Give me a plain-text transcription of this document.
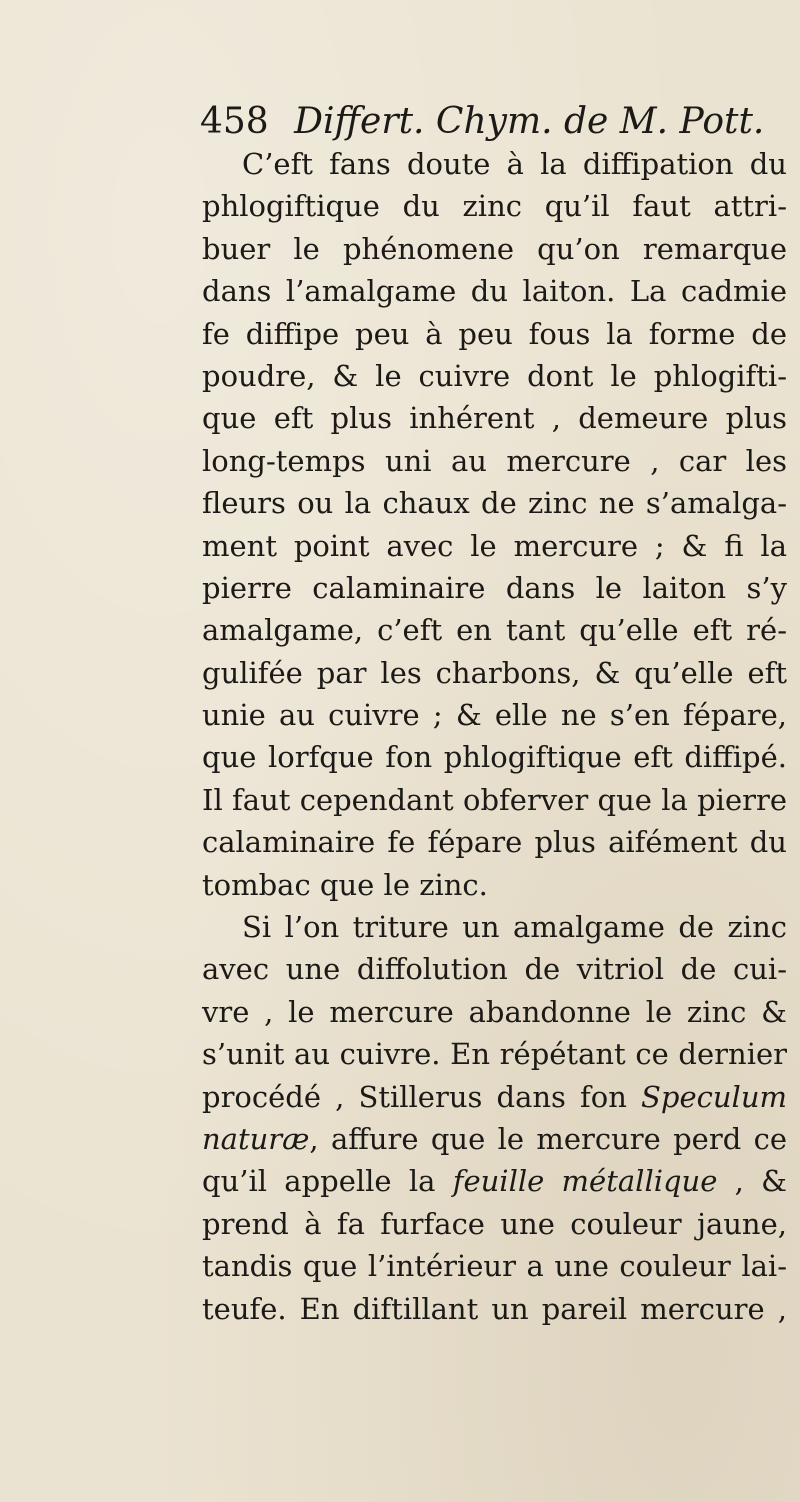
458 Differt. Chym. de M. Pott.
C’eft fans doute à la diffipation du
phlogiftique du zinc qu’il faut attri-
buer le phénomene qu’on remarque
dans l’amalgame du laiton. La cadmie
fe diffipe peu à peu fous la forme de
poudre, & le cuivre dont le phlogifti-
que eft plus inhérent , demeure plus
long-temps uni au mercure , car les
fleurs ou la chaux de zinc ne s’amalga-
ment point avec le mercure ; & fi la
pierre calaminaire dans le laiton s’y
amalgame, c’eft en tant qu’elle eft ré-
gulifée par les charbons, & qu’elle eft
unie au cuivre ; & elle ne s’en fépare,
que lorfque fon phlogiftique eft diffipé.
Il faut cependant obferver que la pierre
calaminaire fe fépare plus aifément du
tombac que le zinc.
Si l’on triture un amalgame de zinc
avec une diffolution de vitriol de cui-
vre , le mercure abandonne le zinc &
s’unit au cuivre. En répétant ce dernier
procédé , Stillerus dans fon Speculum
naturæ, affure que le mercure perd ce
qu’il appelle la feuille métallique , &
prend à fa furface une couleur jaune,
tandis que l’intérieur a une couleur lai-
teufe. En diftillant un pareil mercure ,
